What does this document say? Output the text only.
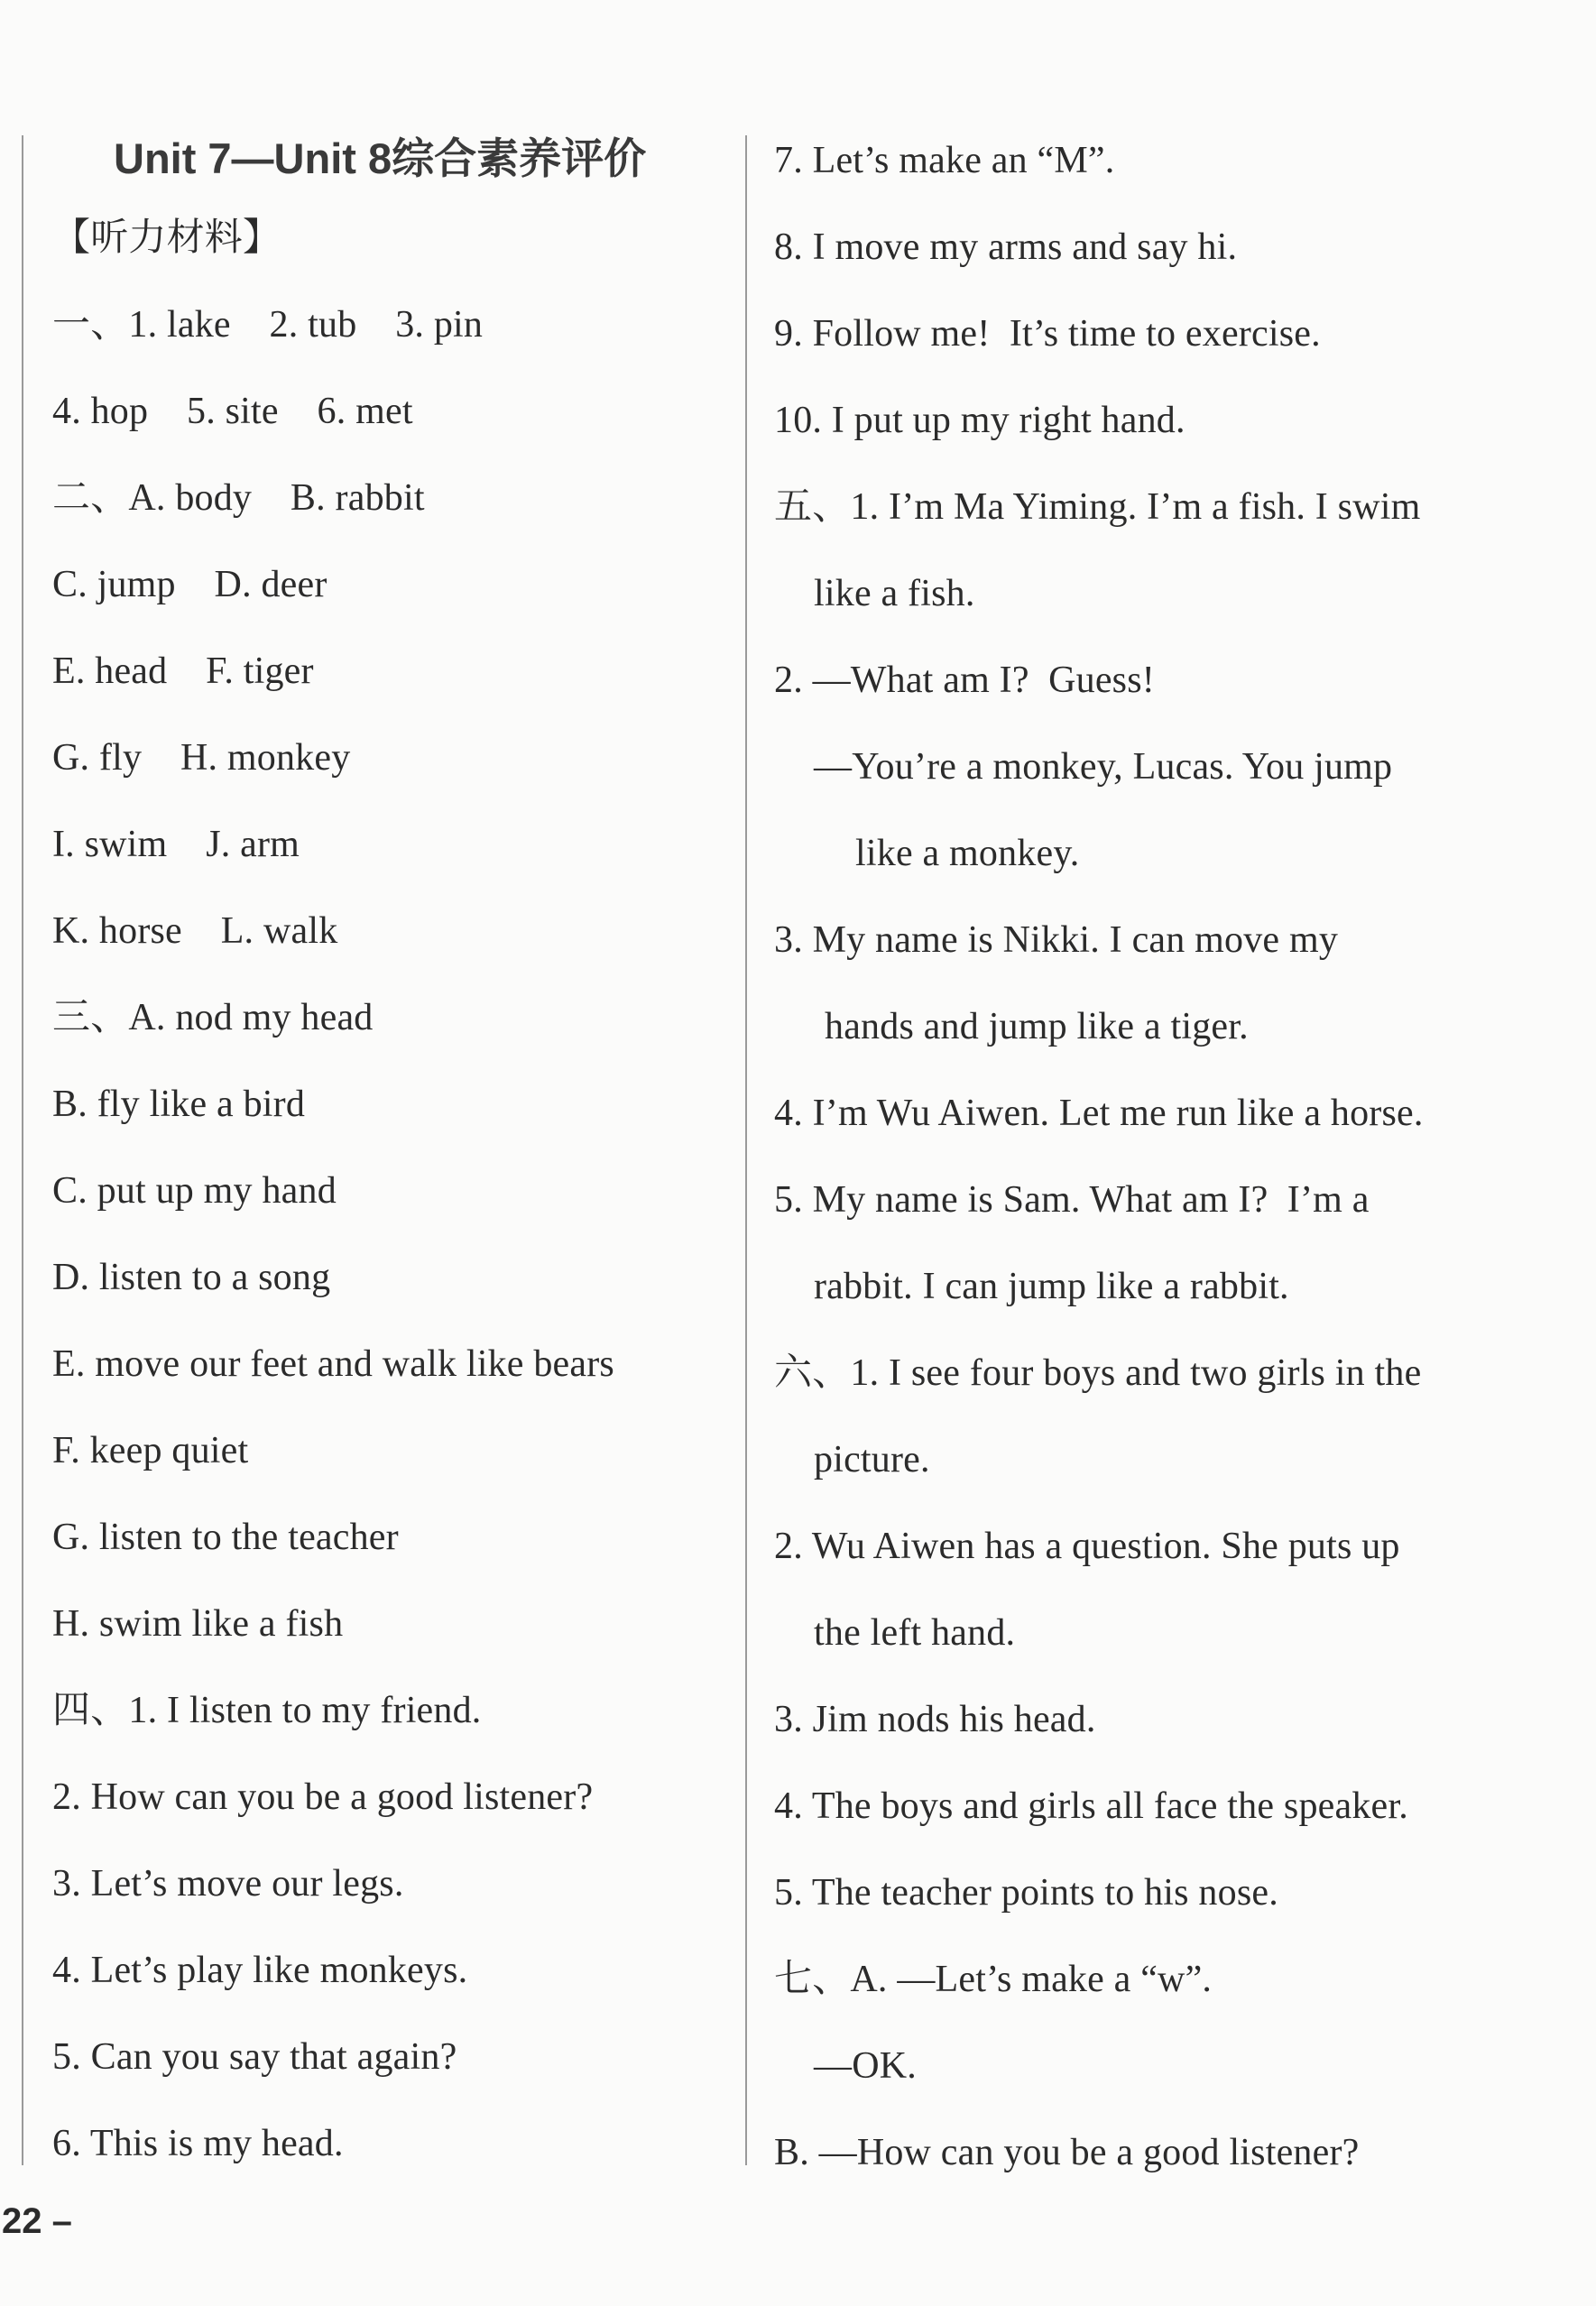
Unit 7—Unit 8综合素养评价
【听力材料】
一、1. lake    2. tub    3. pin
4. hop    5. site    6. met
二、A. body    B. rabbit
C. jump    D. deer
E. head    F. tiger
G. fly    H. monkey
I. swim    J. arm
K. horse    L. walk
三、A. nod my head
B. fly like a bird
C. put up my hand
D. listen to a song
E. move our feet and walk like bears
F. keep quiet
G. listen to the teacher
H. swim like a fish
四、1. I listen to my friend.
2. How can you be a good listener?
3. Let’s move our legs.
4. Let’s play like monkeys.
5. Can you say that again?
6. This is my head.
7. Let’s make an “M”.
8. I move my arms and say hi.
9. Follow me!  It’s time to exercise.
10. I put up my right hand.
五、1. I’m Ma Yiming. I’m a fish. I swim
like a fish.
2. —What am I?  Guess!
—You’re a monkey, Lucas. You jump
like a monkey.
3. My name is Nikki. I can move my
hands and jump like a tiger.
4. I’m Wu Aiwen. Let me run like a horse.
5. My name is Sam. What am I?  I’m a
rabbit. I can jump like a rabbit.
六、1. I see four boys and two girls in the
picture.
2. Wu Aiwen has a question. She puts up
the left hand.
3. Jim nods his head.
4. The boys and girls all face the speaker.
5. The teacher points to his nose.
七、A. —Let’s make a “w”.
—OK.
B. —How can you be a good listener?
22 –
